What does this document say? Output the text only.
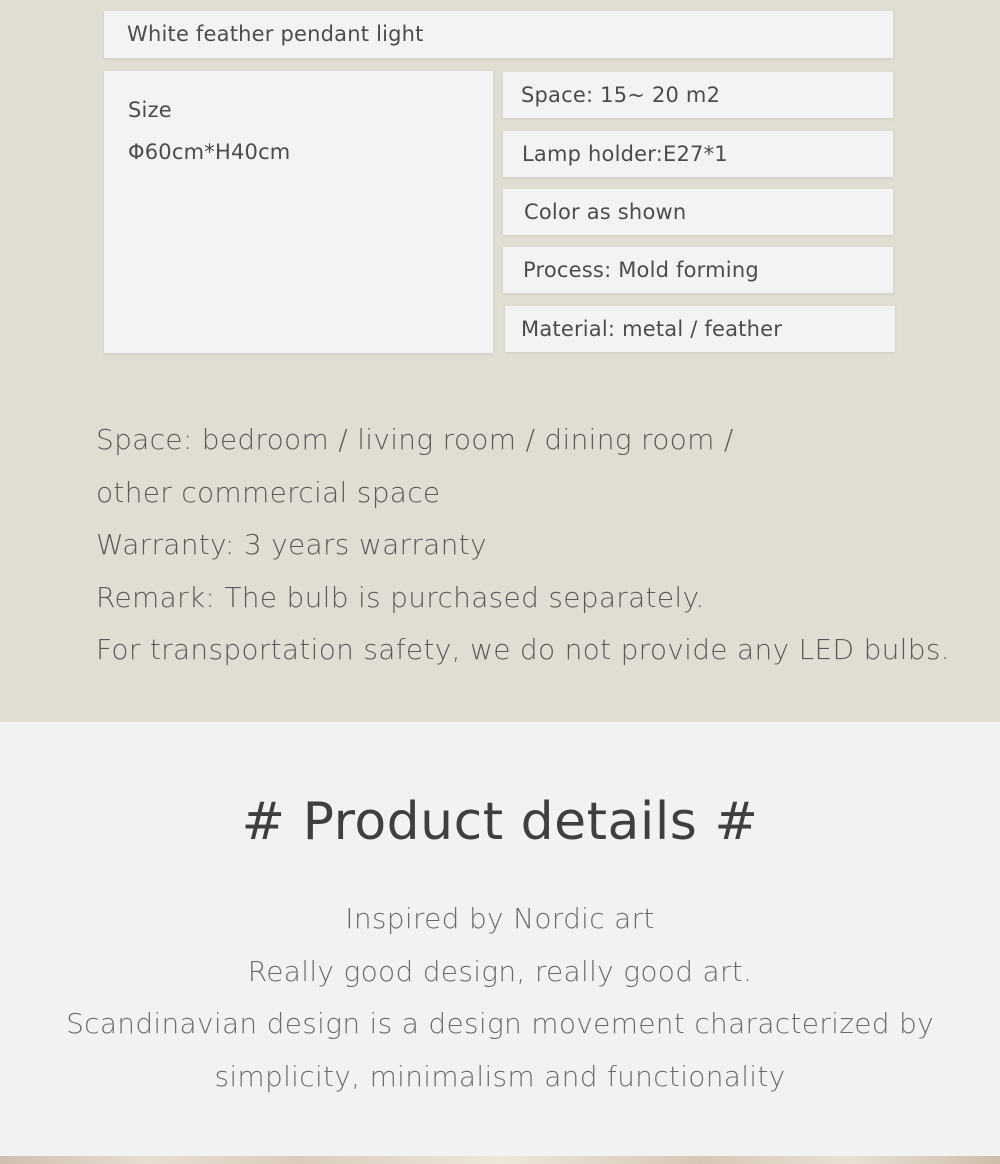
White feather pendant light
Size
Φ60cm*H40cm
Space: 15~ 20 m2
Lamp holder:E27*1
Color as shown
Process: Mold forming
Material: metal / feather
Space: bedroom / living room / dining room /
other commercial space
Warranty: 3 years warranty
Remark: The bulb is purchased separately.
For transportation safety, we do not provide any LED bulbs.
# Product details #
Inspired by Nordic art
Really good design, really good art.
Scandinavian design is a design movement characterized by
simplicity, minimalism and functionality
